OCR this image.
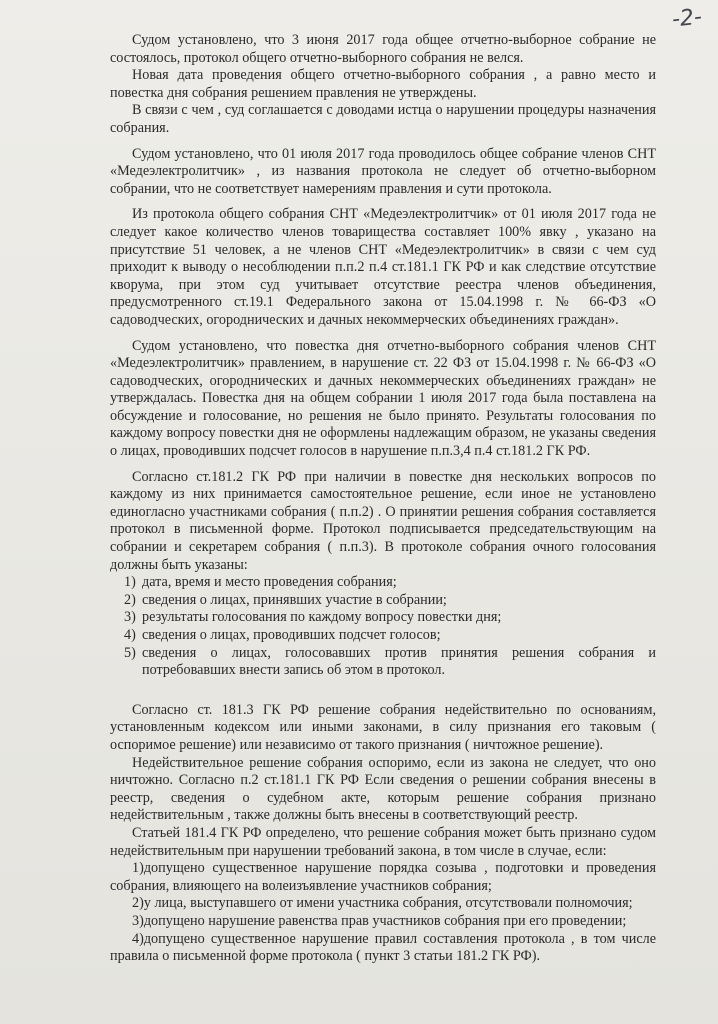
-2-

Судом установлено, что 3 июня 2017 года общее отчетно-выборное собрание не состоялось, протокол общего отчетно-выборного собрания не велся.

Новая дата проведения общего отчетно-выборного собрания , а равно место и повестка дня собрания решением правления не утверждены.

В связи с чем , суд соглашается с доводами истца о нарушении процедуры назначения собрания.

Судом установлено, что 01 июля 2017 года проводилось общее собрание членов СНТ «Медеэлектролитчик» , из названия протокола не следует об отчетно-выборном собрании, что не соответствует намерениям правления и сути протокола.

Из протокола общего собрания СНТ «Медеэлектролитчик» от 01 июля 2017 года не следует какое количество членов товарищества составляет 100% явку , указано на присутствие 51 человек, а не членов СНТ «Медеэлектролитчик» в связи с чем суд приходит к выводу о несоблюдении п.п.2 п.4 ст.181.1 ГК РФ и как следствие отсутствие кворума, при этом суд учитывает отсутствие реестра членов объединения, предусмотренного ст.19.1 Федерального закона от 15.04.1998 г. № 66-ФЗ «О садоводческих, огороднических и дачных некоммерческих объединениях граждан».

Судом установлено, что повестка дня отчетно-выборного собрания членов СНТ «Медеэлектролитчик» правлением, в нарушение ст. 22 ФЗ от 15.04.1998 г. № 66-ФЗ «О садоводческих, огороднических и дачных некоммерческих объединениях граждан» не утверждалась. Повестка дня на общем собрании 1 июля 2017 года была поставлена на обсуждение и голосование, но решения не было принято. Результаты голосования по каждому вопросу повестки дня не оформлены надлежащим образом, не указаны сведения о лицах, проводивших подсчет голосов в нарушение п.п.3,4 п.4 ст.181.2 ГК РФ.

Согласно ст.181.2 ГК РФ при наличии в повестке дня нескольких вопросов по каждому из них принимается самостоятельное решение, если иное не установлено единогласно участниками собрания ( п.п.2) . О принятии решения собрания составляется протокол в письменной форме. Протокол подписывается председательствующим на собрании и секретарем собрания ( п.п.3). В протоколе собрания очного голосования должны быть указаны:

1) дата, время и место проведения собрания;
2) сведения о лицах, принявших участие в собрании;
3) результаты голосования по каждому вопросу повестки дня;
4) сведения о лицах, проводивших подсчет голосов;
5) сведения о лицах, голосовавших против принятия решения собрания и потребовавших внести запись об этом в протокол.

Согласно ст. 181.3 ГК РФ решение собрания недействительно по основаниям, установленным кодексом или иными законами, в силу признания его таковым ( оспоримое решение) или независимо от такого признания ( ничтожное решение).

Недействительное решение собрания оспоримо, если из закона не следует, что оно ничтожно. Согласно п.2 ст.181.1 ГК РФ Если сведения о решении собрания внесены в реестр, сведения о судебном акте, которым решение собрания признано недействительным , также должны быть внесены в соответствующий реестр.

Статьей 181.4 ГК РФ определено, что решение собрания может быть признано судом недействительным при нарушении требований закона, в том числе в случае, если:

1)допущено существенное нарушение порядка созыва , подготовки и проведения собрания, влияющего на волеизъявление участников собрания;

2)у лица, выступавшего от имени участника собрания, отсутствовали полномочия;

3)допущено нарушение равенства прав участников собрания при его проведении;

4)допущено существенное нарушение правил составления протокола , в том числе правила о письменной форме протокола ( пункт 3 статьи 181.2 ГК РФ).
